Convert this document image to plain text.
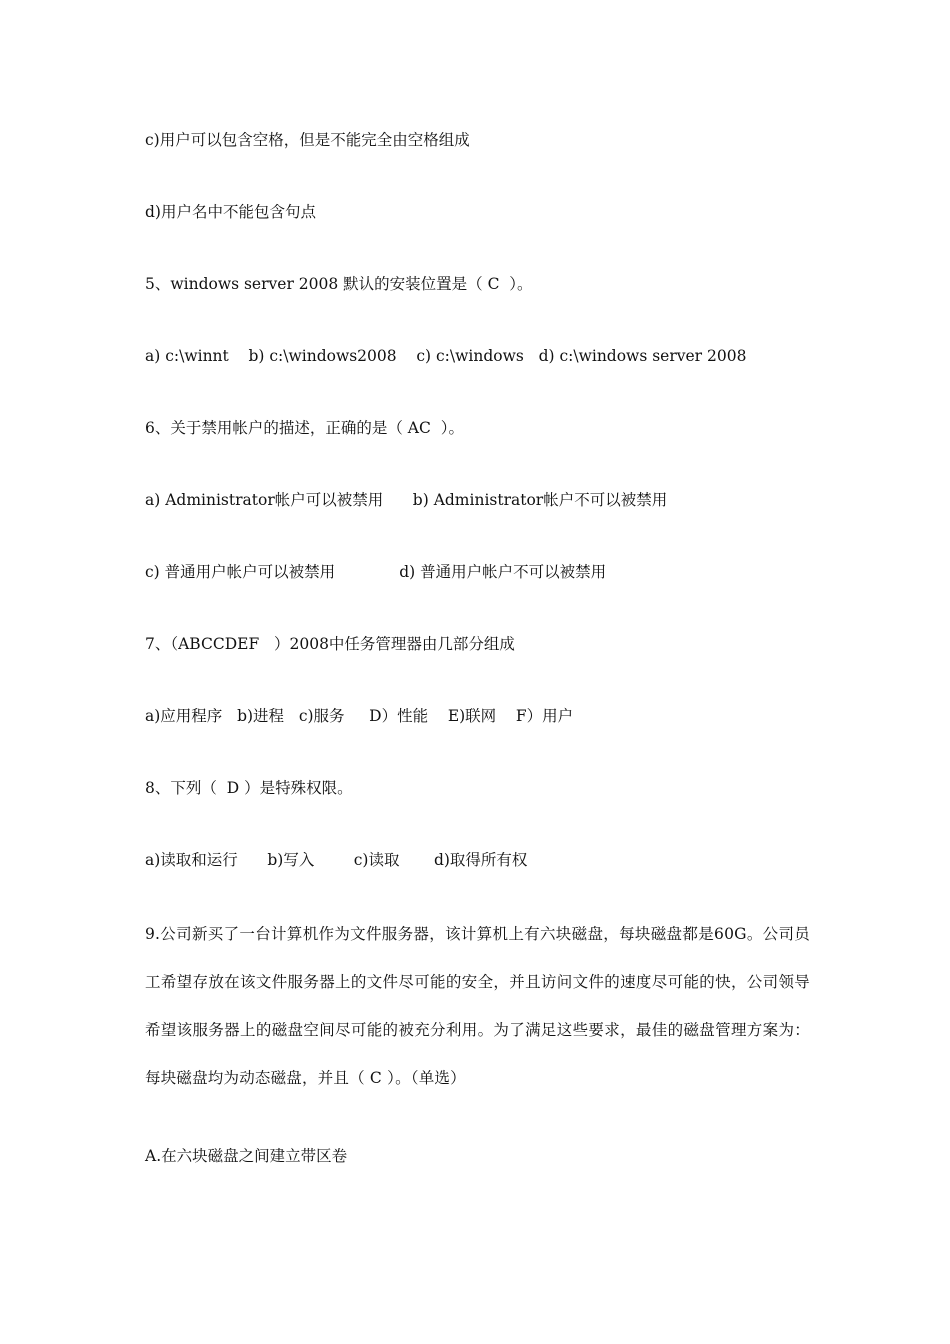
c)用户可以包含空格，但是不能完全由空格组成
d)用户名中不能包含句点
5、windows server 2008 默认的安装位置是（ C  ）。
a) c:\winnt    b) c:\windows2008    c) c:\windows   d) c:\windows server 2008
6、关于禁用帐户的描述，正确的是（ AC  ）。
a) Administrator帐户可以被禁用      b) Administrator帐户不可以被禁用
c) 普通用户帐户可以被禁用             d) 普通用户帐户不可以被禁用
7、（ABCCDEF   ）2008中任务管理器由几部分组成
a)应用程序   b)进程   c)服务     D）性能    E)联网    F）用户
8、下列（  D ）是特殊权限。
a)读取和运行      b)写入        c)读取       d)取得所有权
9.公司新买了一台计算机作为文件服务器，该计算机上有六块磁盘，每块磁盘都是60G。公司员工希望存放在该文件服务器上的文件尽可能的安全，并且访问文件的速度尽可能的快，公司领导希望该服务器上的磁盘空间尽可能的被充分利用。为了满足这些要求，最佳的磁盘管理方案为：每块磁盘均为动态磁盘，并且（ C ）。（单选）
A.在六块磁盘之间建立带区卷
